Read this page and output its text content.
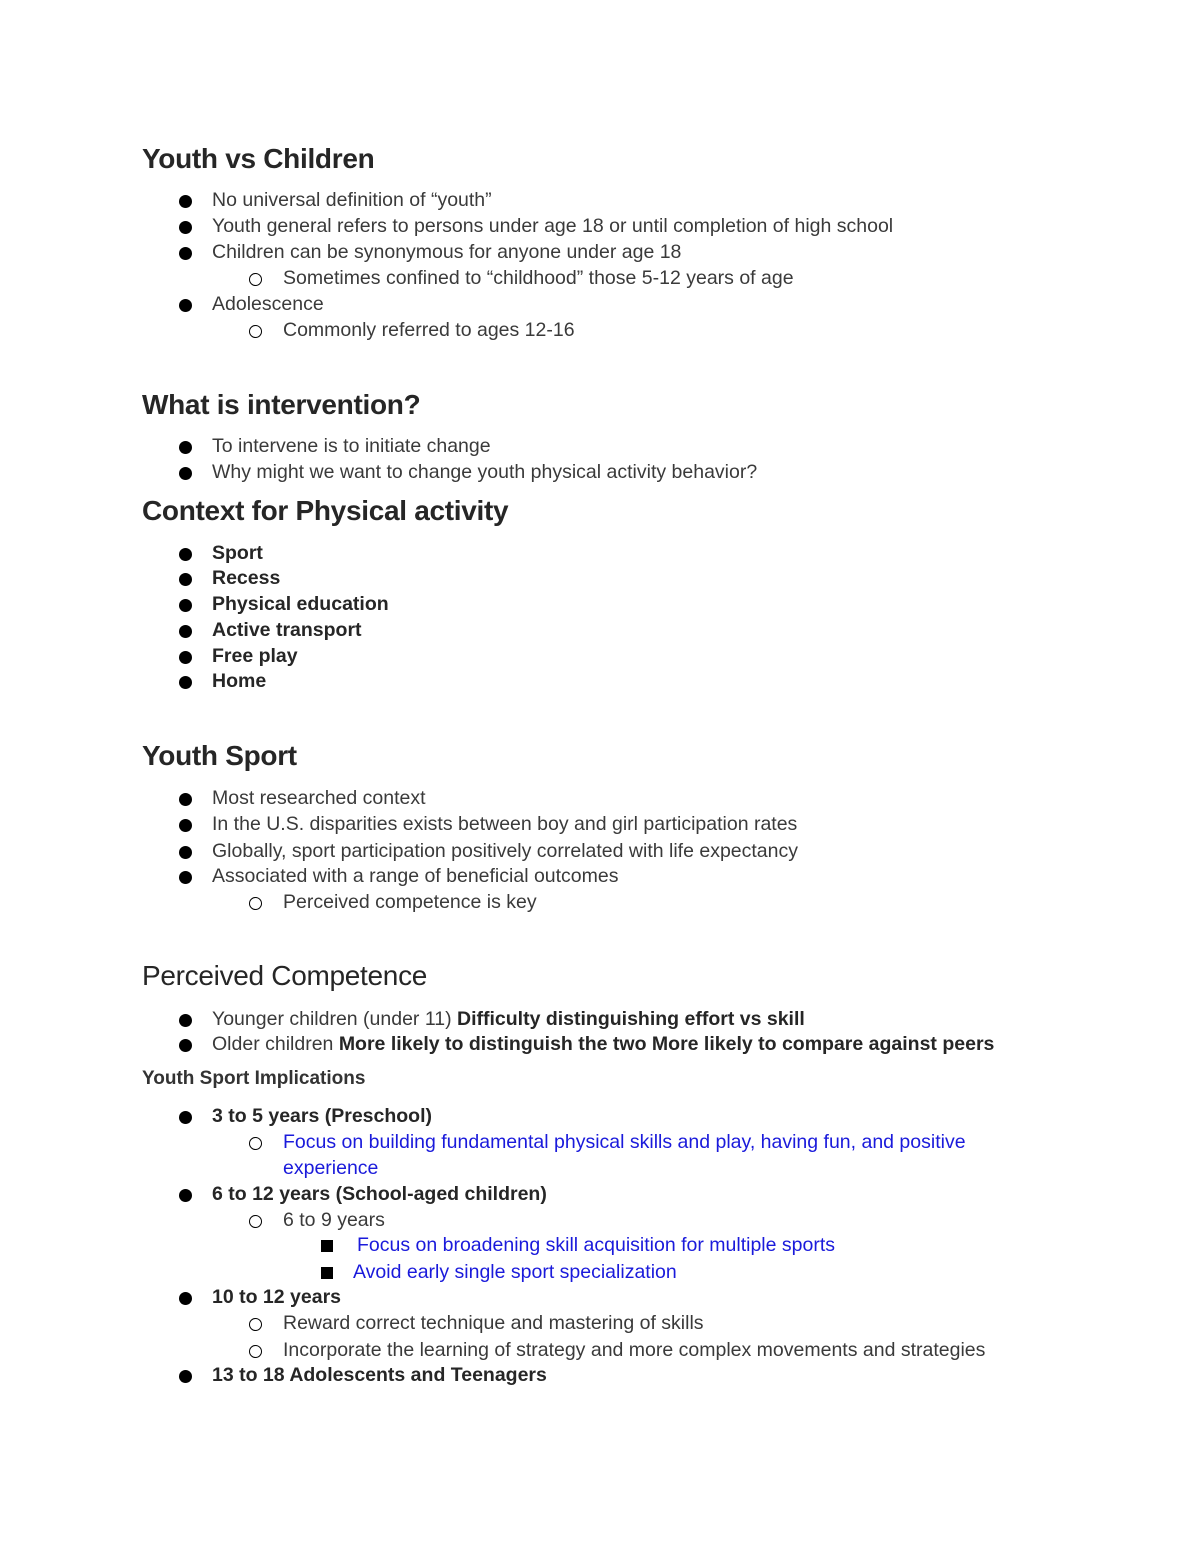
Youth vs Children
No universal definition of “youth”
Youth general refers to persons under age 18 or until completion of high school
Children can be synonymous for anyone under age 18
Sometimes confined to “childhood” those 5-12 years of age
Adolescence
Commonly referred to ages 12-16
What is intervention?
To intervene is to initiate change
Why might we want to change youth physical activity behavior?
Context for Physical activity
Sport
Recess
Physical education
Active transport
Free play
Home
Youth Sport
Most researched context
In the U.S. disparities exists between boy and girl participation rates
Globally, sport participation positively correlated with life expectancy
Associated with a range of beneficial outcomes
Perceived competence is key
Perceived Competence
Younger children (under 11) Difficulty distinguishing effort vs skill
Older children More likely to distinguish the two More likely to compare against peers
Youth Sport Implications
3 to 5 years (Preschool)
Focus on building fundamental physical skills and play, having fun, and positive experience
6 to 12 years (School-aged children)
6 to 9 years
Focus on broadening skill acquisition for multiple sports
Avoid early single sport specialization
10 to 12 years
Reward correct technique and mastering of skills
Incorporate the learning of strategy and more complex movements and strategies
13 to 18 Adolescents and Teenagers
